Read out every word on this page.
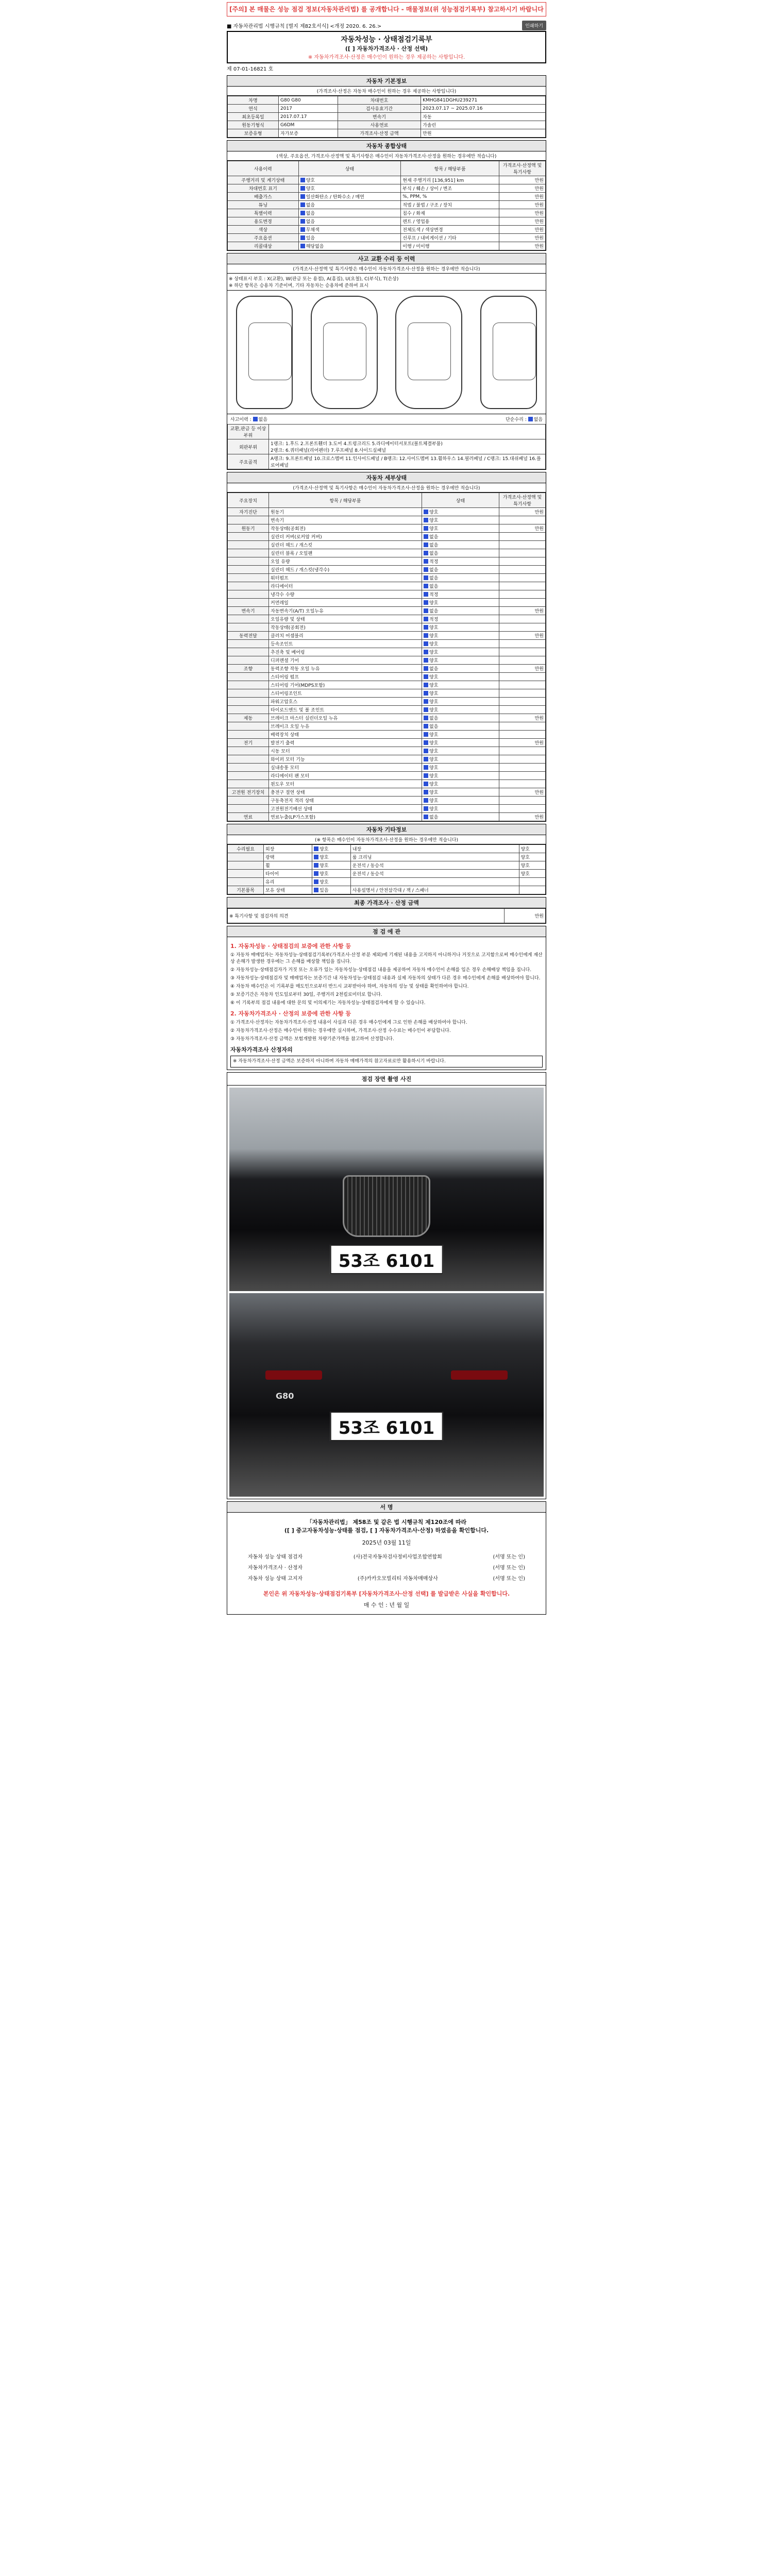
[주의] 본 매물은 성능 점검 정보(자동차관리법) 를 공개합니다 - 매물정보(위 성능점검기록부) 참고하시기 바랍니다
■ 자동차관리법 시행규칙 [별지 제82호서식] <개정 2020. 6. 26.>	인쇄하기
자동차성능 · 상태점검기록부
([ ] 자동차가격조사 · 산정 선택)
※ 자동차가격조사·산정은 매수인이 원하는 경우 제공하는 사항입니다.
제 07-01-16821 호
자동차 기본정보
(가격조사·산정은 자동차 매수인이 원하는 경우 제공하는 사항입니다)
차명	G80 G80	차대번호	KMHG841DGHU239271
연식	2017	검사유효기간	2023.07.17 ~ 2025.07.16
최초등록일	2017.07.17	변속기	자동
원동기형식	G6DM	사용연료	가솔린
보증유형	자가보증	가격조사·산정 금액	만원
자동차 종합상태
(색상, 주요옵션, 가격조사·산정액 및 특기사항은 매수인이 자동차가격조사·산정을 원하는 경우에만 적습니다)
사용이력	상태	항목 / 해당부품	가격조사·산정액 및 특기사항
주행거리 및 계기상태	양호	현재 주행거리 [136,951] km	만원
차대번호 표기	양호	부식 / 훼손 / 상이 / 변조	만원
배출가스	일산화탄소 / 탄화수소 / 매연	%, PPM, %	만원
튜닝	없음	적법 / 불법 / 구조 / 장치	만원
특별이력	없음	침수 / 화재	만원
용도변경	없음	렌트 / 영업용	만원
색상	무채색	전체도색 / 색상변경	만원
주요옵션	있음	선루프 / 내비게이션 / 기타	만원
리콜대상	해당없음	이행 / 미이행	만원
사고 교환 수리 등 이력
(가격조사·산정액 및 특기사항은 매수인이 자동차가격조사·산정을 원하는 경우에만 적습니다)
※ 상태표시 부호 : X(교환), W(판금 또는 용접), A(흠집), U(요철), C(부식), T(손상)
※ 하단 항목은 승용차 기준이며, 기타 자동차는 승용차에 준하여 표시
사고이력 : 없음	단순수리 : 없음
교환,판금 등 이상 부위	
외판부위	1랭크: 1.후드 2.프론트휀더 3.도어 4.트렁크리드 5.라디에이터서포트(볼트체결부품)
2랭크: 6.쿼터패널(리어펜더) 7.루프패널 8.사이드실패널

주요골격	A랭크: 9.프론트패널 10.크로스멤버 11.인사이드패널 / B랭크: 12.사이드멤버 13.휠하우스 14.필러패널 / C랭크: 15.대쉬패널 16.플로어패널
자동차 세부상태
(가격조사·산정액 및 특기사항은 매수인이 자동차가격조사·산정을 원하는 경우에만 적습니다)
주요장치	항목 / 해당부품	상태	가격조사·산정액 및 특기사항
자기진단	원동기	양호	만원
	변속기	양호	
원동기	작동상태(공회전)	양호	만원
	실린더 커버(로커암 커버)	없음	
	실린더 헤드 / 개스킷	없음	
	실린더 블록 / 오일팬	없음	
	오일 유량	적정	
	실린더 헤드 / 개스킷(냉각수)	없음	
	워터펌프	없음	
	라디에이터	없음	
	냉각수 수량	적정	
	커먼레일	양호	
변속기	자동변속기(A/T) 오일누유	없음	만원
	오일유량 및 상태	적정	
	작동상태(공회전)	양호	
동력전달	클러치 어셈블리	양호	만원
	등속조인트	양호	
	추진축 및 베어링	양호	
	디퍼렌셜 기어	양호	
조향	동력조향 작동 오일 누유	없음	만원
	스티어링 펌프	양호	
	스티어링 기어(MDPS포함)	양호	
	스티어링조인트	양호	
	파워고압호스	양호	
	타이로드엔드 및 볼 조인트	양호	
제동	브레이크 마스터 실린더오일 누유	없음	만원
	브레이크 오일 누유	없음	
	배력장치 상태	양호	
전기	발전기 출력	양호	만원
	시동 모터	양호	
	와이퍼 모터 기능	양호	
	실내송풍 모터	양호	
	라디에이터 팬 모터	양호	
	윈도우 모터	양호	
고전원 전기장치	충전구 절연 상태	양호	만원
	구동축전지 격리 상태	양호	
	고전원전기배선 상태	양호	
연료	연료누출(LP가스포함)	없음	만원
자동차 기타정보
(※ 항목은 매수인이 자동차가격조사·산정을 원하는 경우에만 적습니다)
수리필요	외장	양호	내장	양호
	광택	양호	룸 크리닝	양호
	휠	양호	운전석 / 동승석	양호
	타이어	양호	운전석 / 동승석	양호
	유리	양호		
기본품목	보유 상태	있음	사용설명서 / 안전삼각대 / 잭 / 스패너	
최종 가격조사 · 산정 금액
※ 특기사항 및 점검자의 의견	만원
점 검 에 관
1. 자동차성능 · 상태점검의 보증에 관한 사항 등

① 자동차 매매업자는 자동차성능·상태점검기록부(가격조사·산정 부분 제외)에 기재된 내용을 고지하지 아니하거나 거짓으로 고지함으로써 매수인에게 재산상 손해가 발생한 경우에는 그 손해를 배상할 책임을 집니다.

② 자동차성능·상태점검자가 거짓 또는 오류가 있는 자동차성능·상태점검 내용을 제공하여 자동차 매수인이 손해를 입은 경우 손해배상 책임을 집니다.

③ 자동차성능·상태점검자 및 매매업자는 보증기간 내 자동차성능·상태점검 내용과 실제 자동차의 상태가 다른 경우 매수인에게 손해를 배상하여야 합니다.

④ 자동차 매수인은 이 기록부를 매도인으로부터 반드시 교부받아야 하며, 자동차의 성능 및 상태를 확인하여야 합니다.

⑤ 보증기간은 자동차 인도일로부터 30일, 주행거리 2천킬로미터로 합니다.

⑥ 이 기록부의 점검 내용에 대한 문의 및 이의제기는 자동차성능·상태점검자에게 할 수 있습니다.

2. 자동차가격조사 · 산정의 보증에 관한 사항 등

① 가격조사·산정자는 자동차가격조사·산정 내용이 사실과 다른 경우 매수인에게 그로 인한 손해를 배상하여야 합니다.

② 자동차가격조사·산정은 매수인이 원하는 경우에만 실시하며, 가격조사·산정 수수료는 매수인이 부담합니다.

③ 자동차가격조사·산정 금액은 보험개발원 차량기준가액을 참고하여 산정합니다.

자동차가격조사 산정자의
※ 자동차가격조사·산정 금액은 보증하지 아니하며 자동차 매매가격의 참고자료로만 활용하시기 바랍니다.
점검 장면 촬영 사진
53조 6101
G80
53조 6101
서 명
「자동차관리법」 제58조 및 같은 법 시행규칙 제120조에 따라
([ ] 중고자동차성능·상태를 점검, [ ] 자동차가격조사·산정) 하였음을 확인합니다.
2025년 03월 11일
자동차 성능 상태 점검자	(사)전국자동차검사정비사업조합연합회	(서명 또는 인)
자동차가격조사 · 산정자	(서명 또는 인)
자동차 성능 상태 고지자	(주)카카오모빌리티 자동차매매상사	(서명 또는 인)
본인은 위 자동차성능·상태점검기록부 [자동차가격조사·산정 선택] 를 발급받은 사실을 확인합니다.
매 수 인 : 년 월 일
